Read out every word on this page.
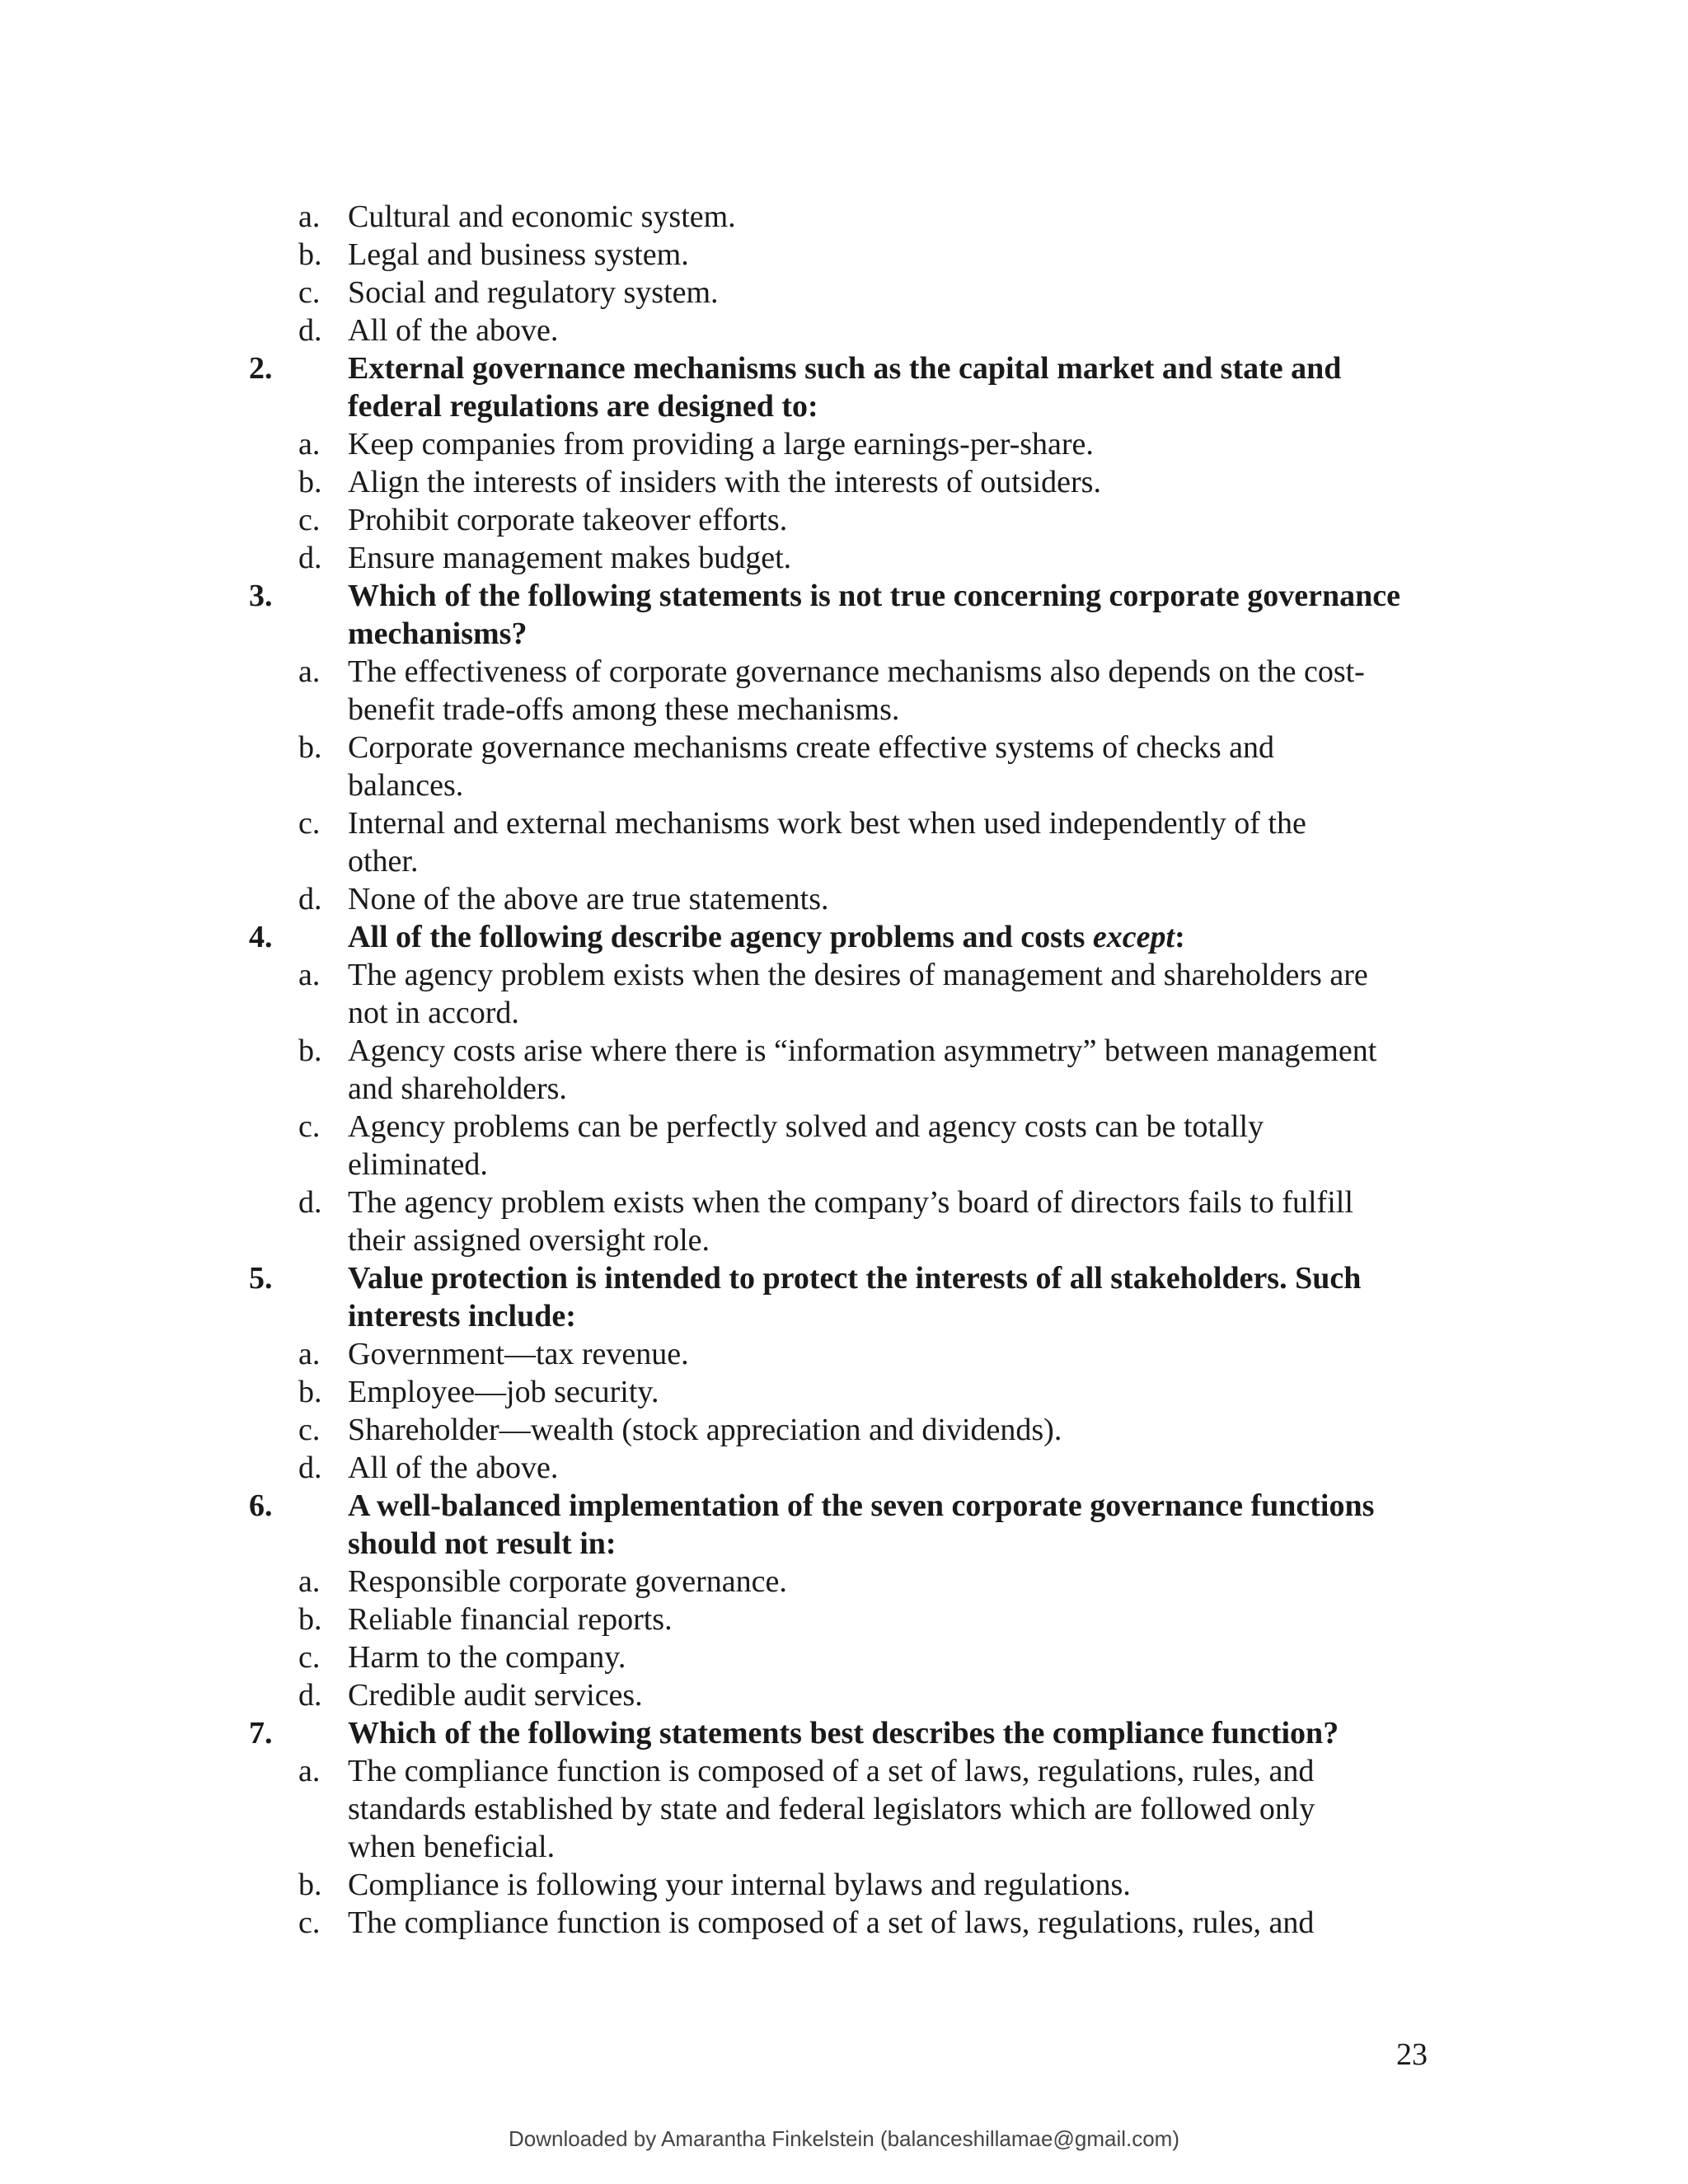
a. Cultural and economic system.
b. Legal and business system.
c. Social and regulatory system.
d. All of the above.
2.	External governance mechanisms such as the capital market and state and
federal regulations are designed to:
a. Keep companies from providing a large earnings-per-share.
b. Align the interests of insiders with the interests of outsiders.
c. Prohibit corporate takeover efforts.
d. Ensure management makes budget.
3.	Which of the following statements is not true concerning corporate governance
mechanisms?
a. The effectiveness of corporate governance mechanisms also depends on the cost-
benefit trade-offs among these mechanisms.
b. Corporate governance mechanisms create effective systems of checks and
balances.
c. Internal and external mechanisms work best when used independently of the
other.
d. None of the above are true statements.
4.	All of the following describe agency problems and costs except:
a. The agency problem exists when the desires of management and shareholders are
not in accord.
b. Agency costs arise where there is “information asymmetry” between management
and shareholders.
c. Agency problems can be perfectly solved and agency costs can be totally
eliminated.
d. The agency problem exists when the company’s board of directors fails to fulfill
their assigned oversight role.
5.	Value protection is intended to protect the interests of all stakeholders. Such
interests include:
a. Government—tax revenue.
b. Employee—job security.
c. Shareholder—wealth (stock appreciation and dividends).
d. All of the above.
6.	A well-balanced implementation of the seven corporate governance functions
should not result in:
a. Responsible corporate governance.
b. Reliable financial reports.
c. Harm to the company.
d. Credible audit services.
7.	Which of the following statements best describes the compliance function?
a. The compliance function is composed of a set of laws, regulations, rules, and
standards established by state and federal legislators which are followed only
when beneficial.
b. Compliance is following your internal bylaws and regulations.
c. The compliance function is composed of a set of laws, regulations, rules, and
23
Downloaded by Amarantha Finkelstein (balanceshillamae@gmail.com)
